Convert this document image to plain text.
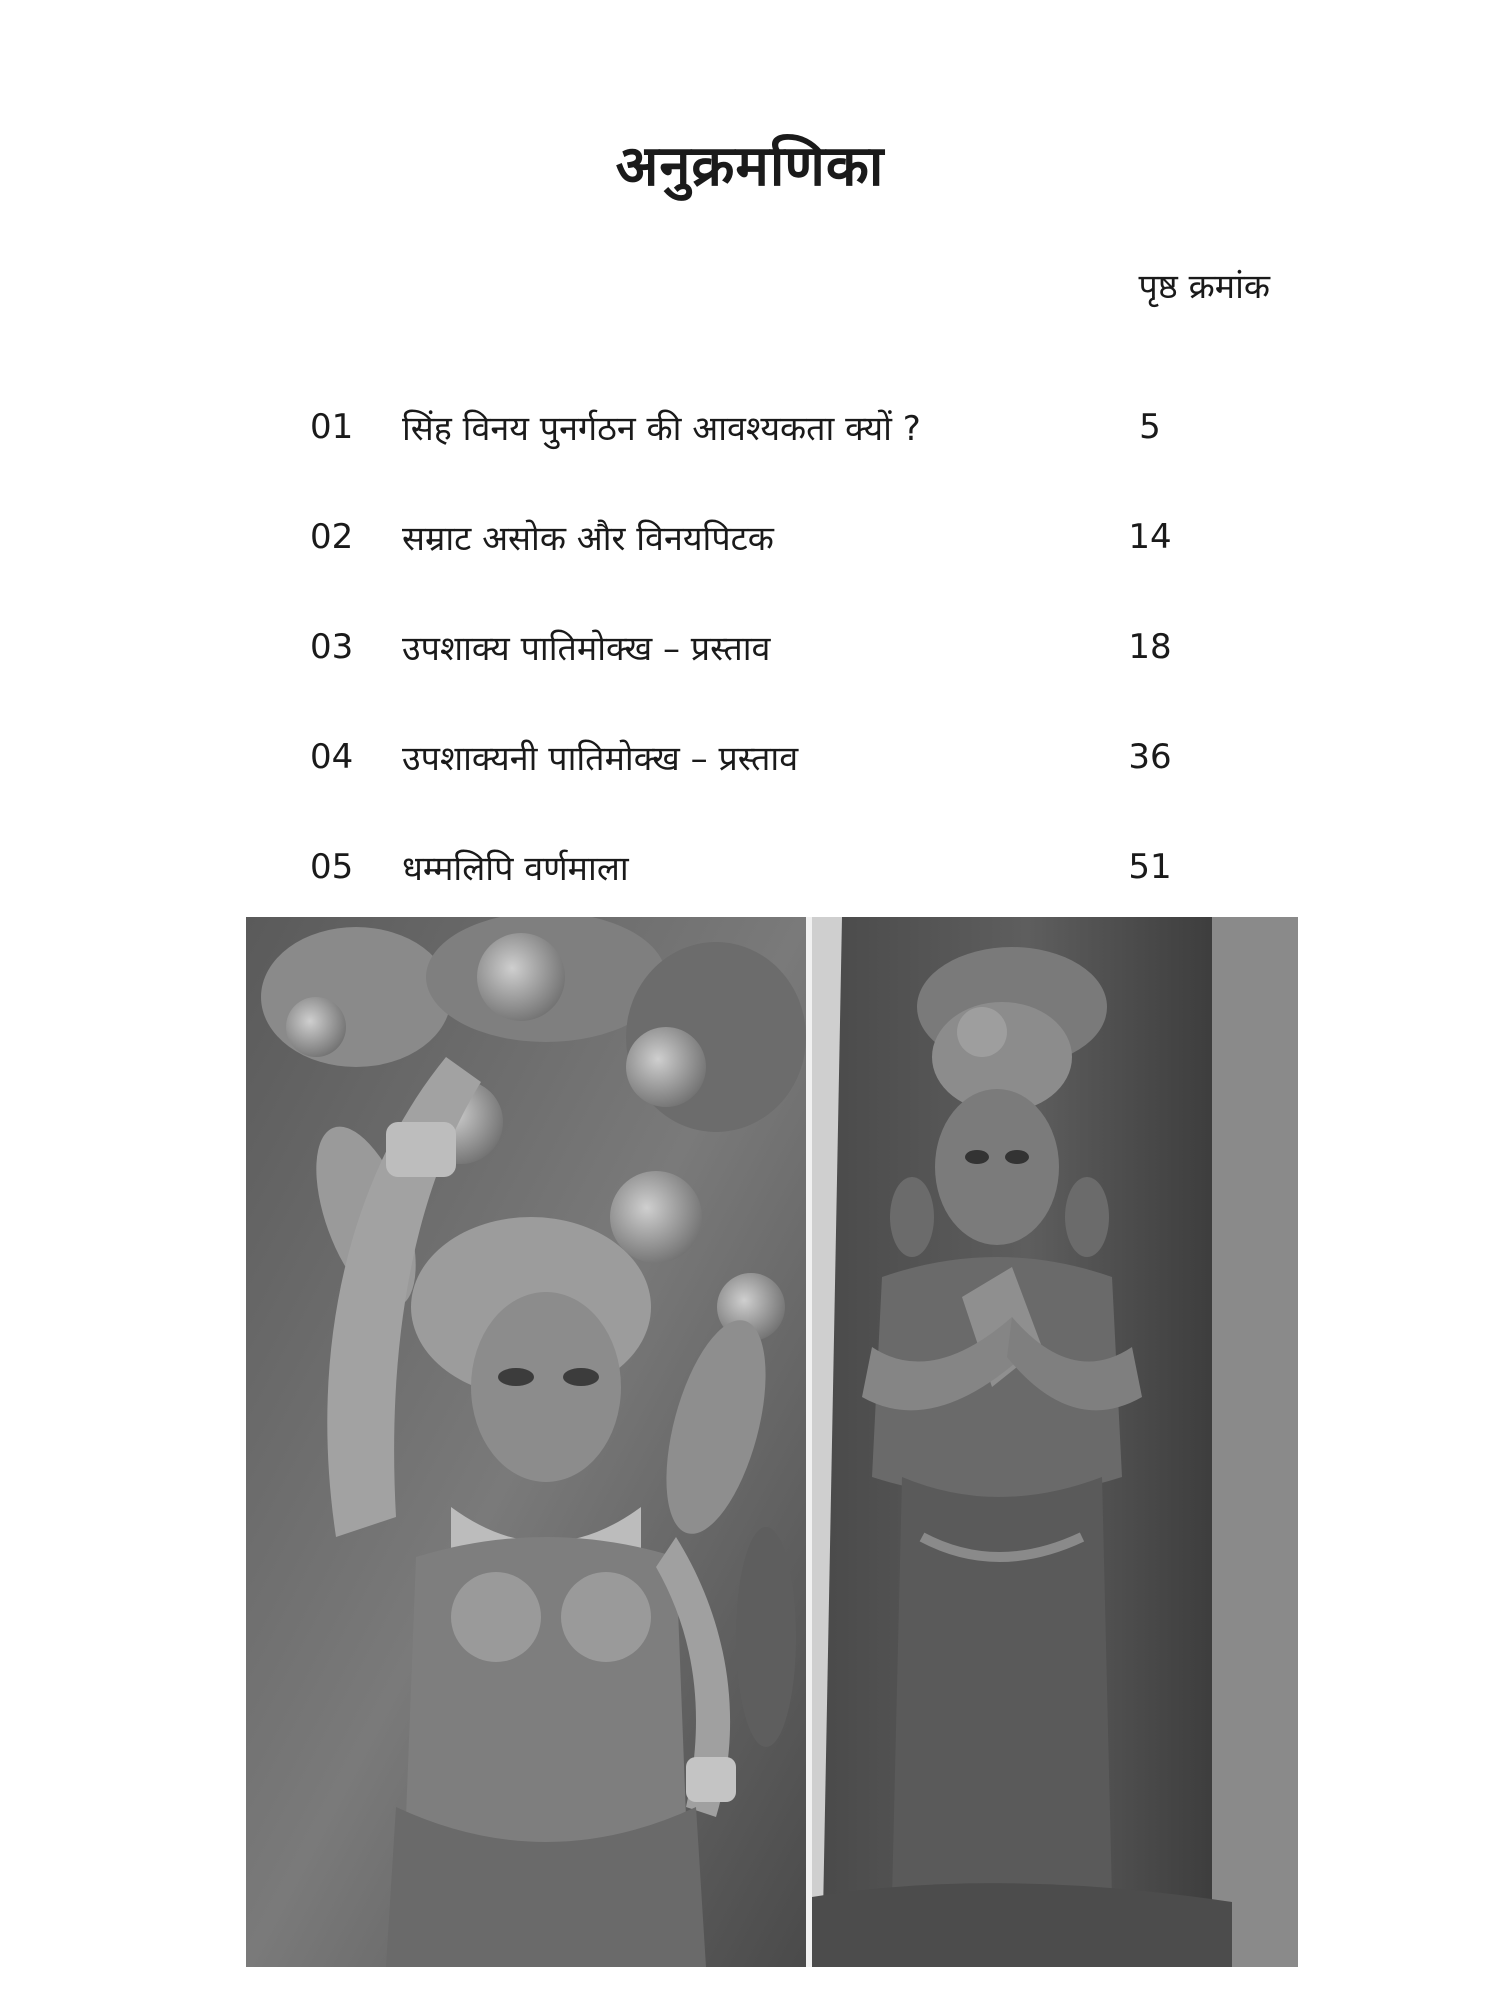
अनुक्रमणिका
पृष्ठ क्रमांक
01	सिंह विनय पुनर्गठन की आवश्यकता क्यों ?	5
02	सम्राट असोक और विनयपिटक	14
03	उपशाक्य पातिमोक्ख – प्रस्ताव	18
04	उपशाक्यनी पातिमोक्ख – प्रस्ताव	36
05	धम्मलिपि वर्णमाला	51
